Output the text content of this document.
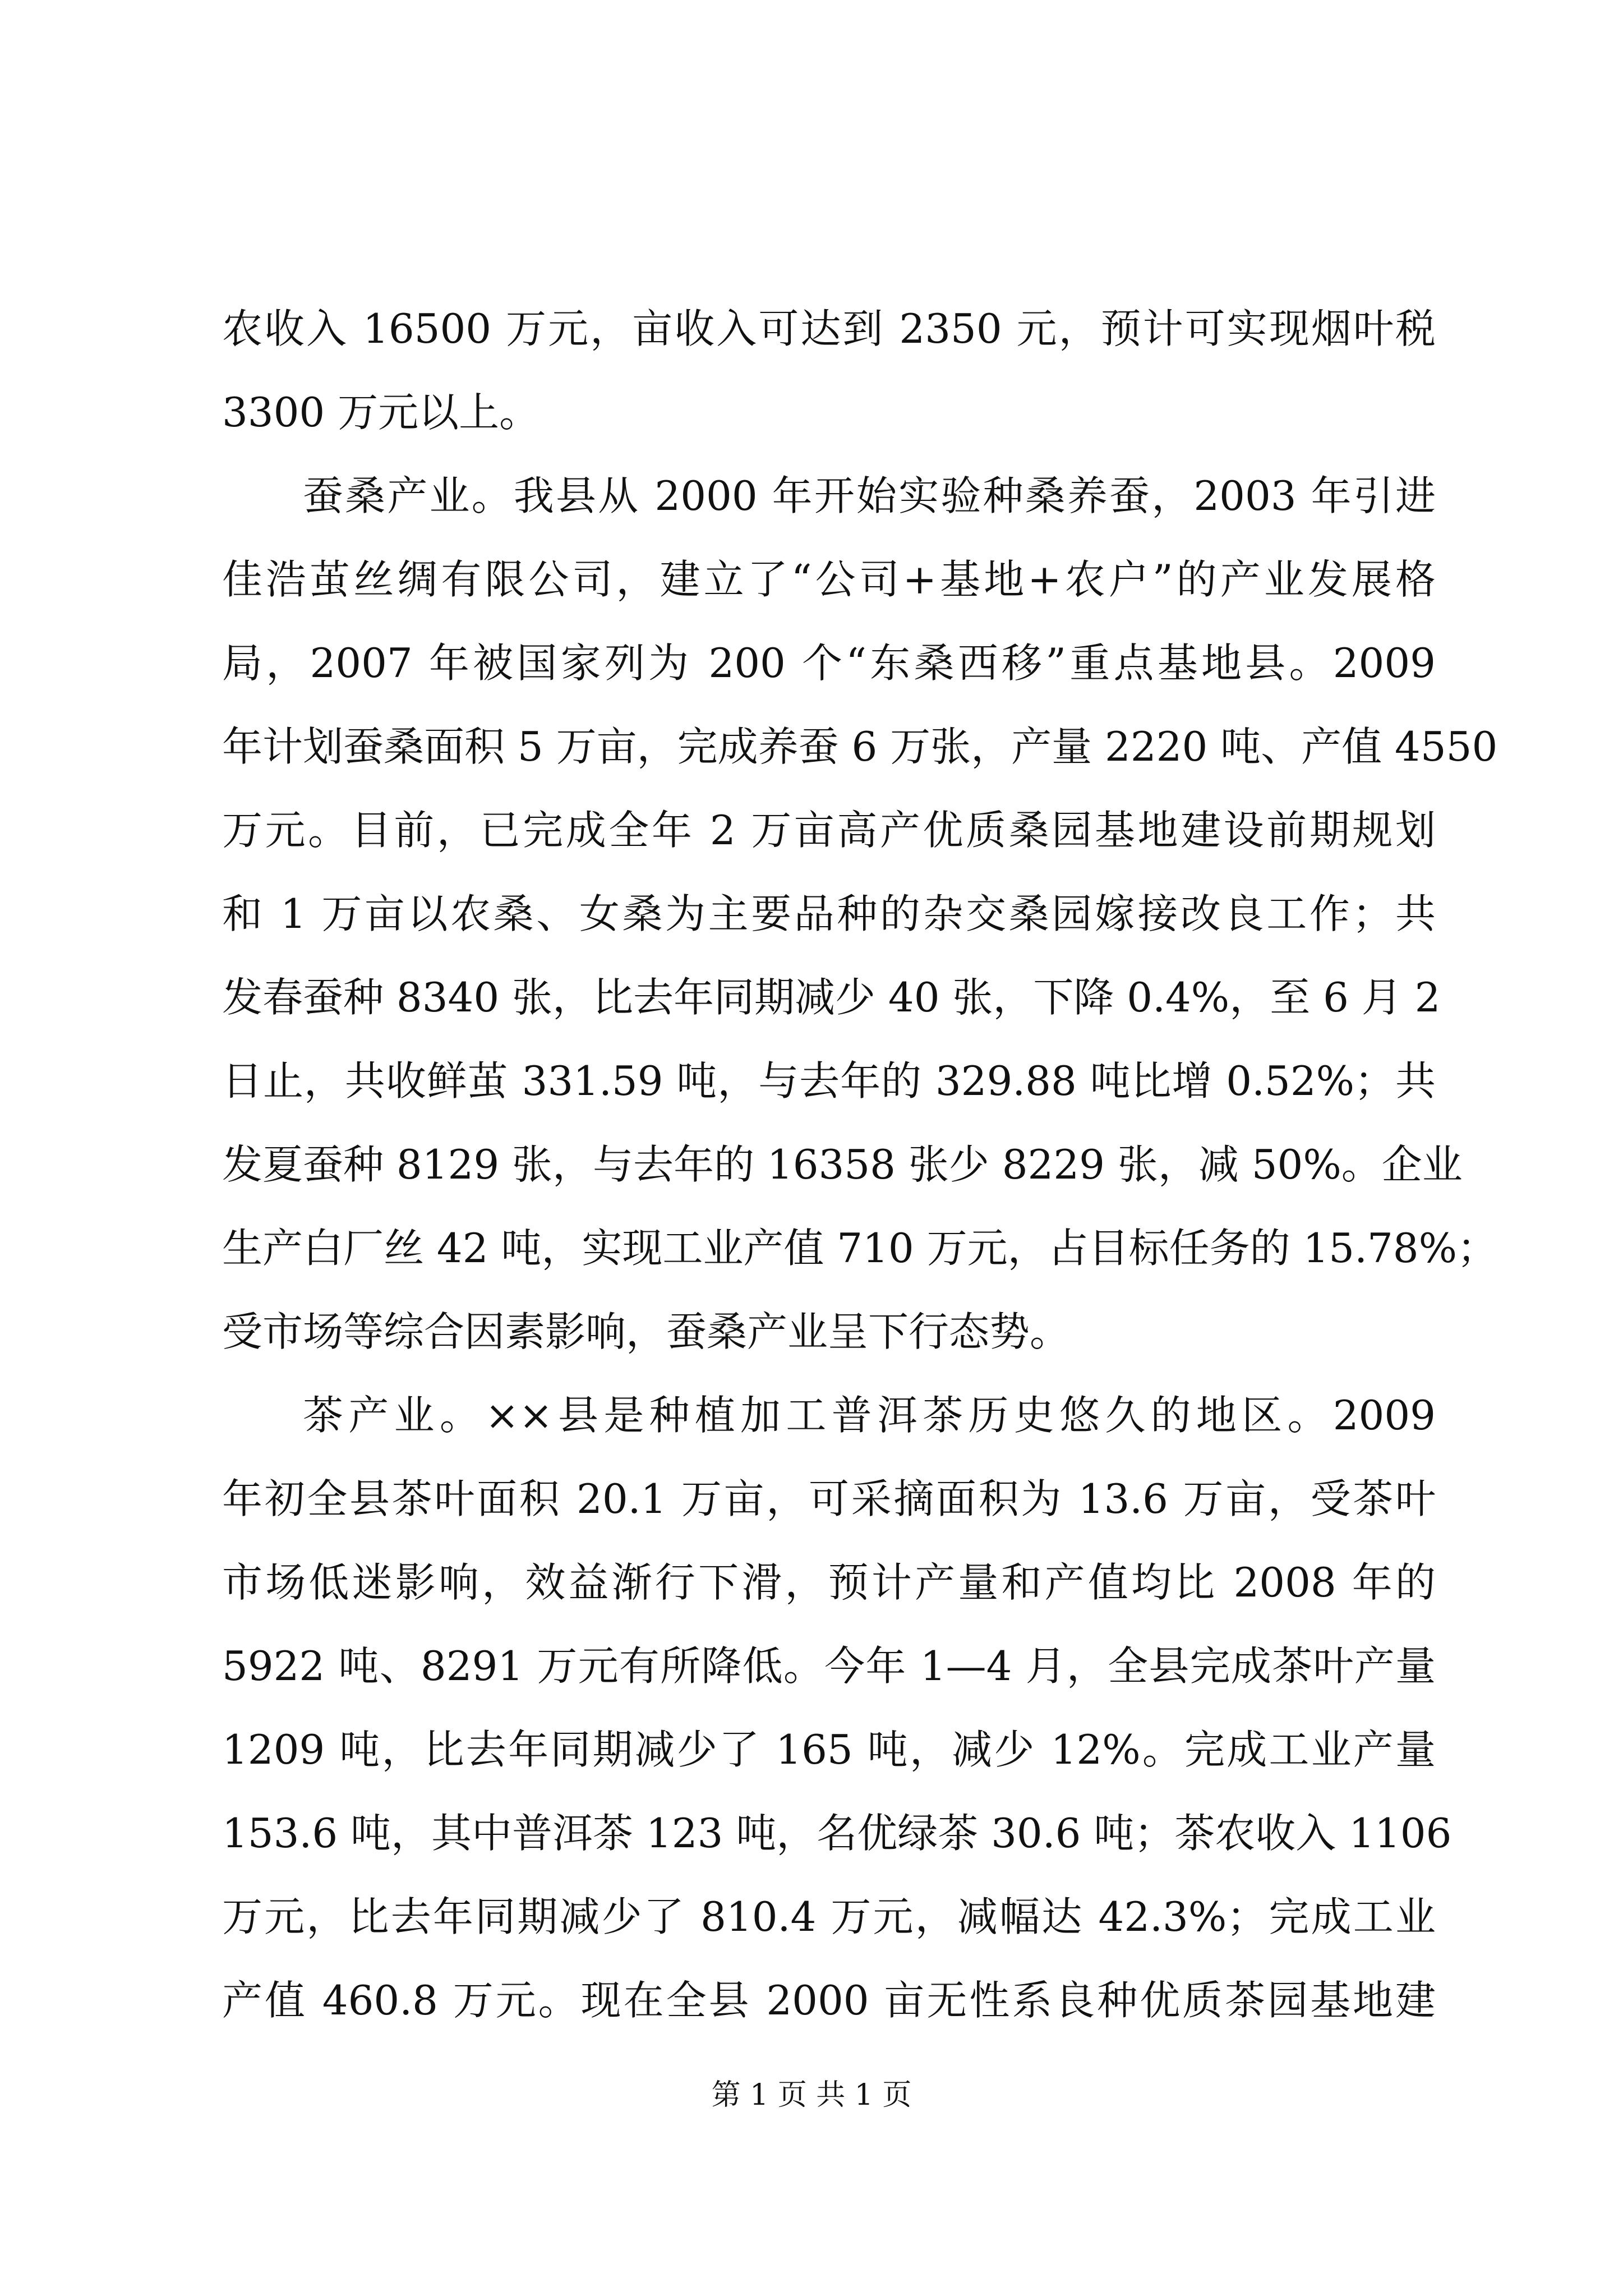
农收入 16500 万元，亩收入可达到 2350 元，预计可实现烟叶税
3300 万元以上。
蚕桑产业。我县从 2000 年开始实验种桑养蚕，2003 年引进
佳浩茧丝绸有限公司，建立了“公司+基地+农户”的产业发展格
局，2007 年被国家列为 200 个“东桑西移”重点基地县。2009
年计划蚕桑面积 5 万亩，完成养蚕 6 万张，产量 2220 吨、产值 4550
万元。目前，已完成全年 2 万亩高产优质桑园基地建设前期规划
和 1 万亩以农桑、女桑为主要品种的杂交桑园嫁接改良工作；共
发春蚕种 8340 张，比去年同期减少 40 张，下降 0.4%，至 6 月 2
日止，共收鲜茧 331.59 吨，与去年的 329.88 吨比增 0.52%；共
发夏蚕种 8129 张，与去年的 16358 张少 8229 张，减 50%。企业
生产白厂丝 42 吨，实现工业产值 710 万元，占目标任务的 15.78%；
受市场等综合因素影响，蚕桑产业呈下行态势。
茶产业。××县是种植加工普洱茶历史悠久的地区。2009
年初全县茶叶面积 20.1 万亩，可采摘面积为 13.6 万亩，受茶叶
市场低迷影响，效益渐行下滑，预计产量和产值均比 2008 年的
5922 吨、8291 万元有所降低。今年 1—4 月，全县完成茶叶产量
1209 吨，比去年同期减少了 165 吨，减少 12%。完成工业产量
153.6 吨，其中普洱茶 123 吨，名优绿茶 30.6 吨；茶农收入 1106
万元，比去年同期减少了 810.4 万元，减幅达 42.3%；完成工业
产值 460.8 万元。现在全县 2000 亩无性系良种优质茶园基地建
第 1 页 共 1 页
